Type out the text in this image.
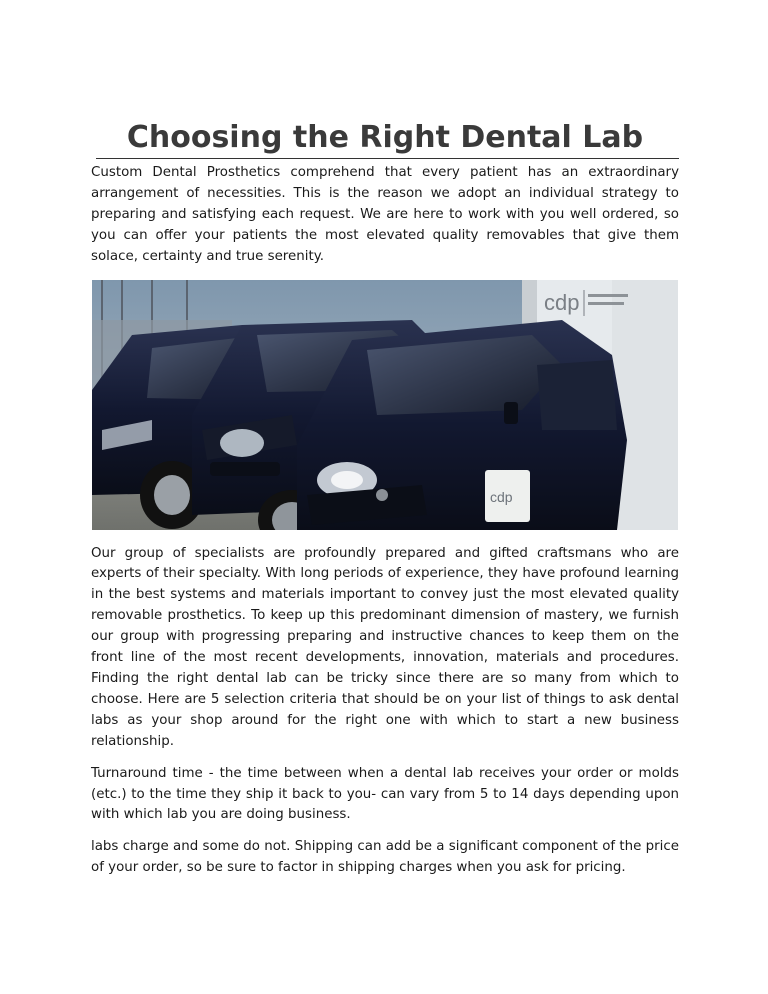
Choosing the Right Dental Lab

Custom Dental Prosthetics comprehend that every patient has an extraordinary arrangement of necessities. This is the reason we adopt an individual strategy to preparing and satisfying each request. We are here to work with you well ordered, so you can offer your patients the most elevated quality removables that give them solace, certainty and true serenity.

cdp
cdp

Our group of specialists are profoundly prepared and gifted craftsmans who are experts of their specialty. With long periods of experience, they have profound learning in the best systems and materials important to convey just the most elevated quality removable prosthetics. To keep up this predominant dimension of mastery, we furnish our group with progressing preparing and instructive chances to keep them on the front line of the most recent developments, innovation, materials and procedures. Finding the right dental lab can be tricky since there are so many from which to choose. Here are 5 selection criteria that should be on your list of things to ask dental labs as your shop around for the right one with which to start a new business relationship.

Turnaround time - the time between when a dental lab receives your order or molds (etc.) to the time they ship it back to you- can vary from 5 to 14 days depending upon with which lab you are doing business.

labs charge and some do not. Shipping can add be a significant component of the price of your order, so be sure to factor in shipping charges when you ask for pricing.
